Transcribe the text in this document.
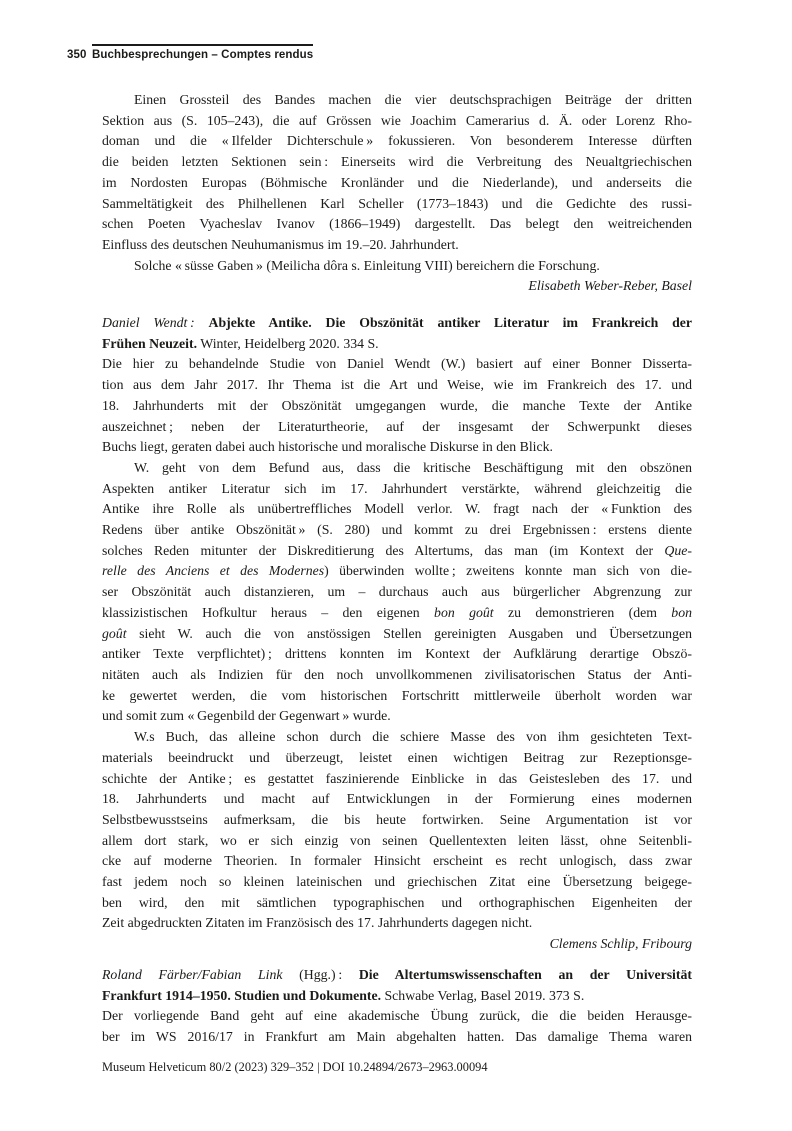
350 Buchbesprechungen – Comptes rendus
Einen Grossteil des Bandes machen die vier deutschsprachigen Beiträge der dritten
Sektion aus (S. 105–243), die auf Grössen wie Joachim Camerarius d. Ä. oder Lorenz Rho-
doman und die « Ilfelder Dichterschule » fokussieren. Von besonderem Interesse dürften
die beiden letzten Sektionen sein : Einerseits wird die Verbreitung des Neualtgriechischen
im Nordosten Europas (Böhmische Kronländer und die Niederlande), und anderseits die
Sammeltätigkeit des Philhellenen Karl Scheller (1773–1843) und die Gedichte des russi-
schen Poeten Vyacheslav Ivanov (1866–1949) dargestellt. Das belegt den weitreichenden
Einfluss des deutschen Neuhumanismus im 19.–20. Jahrhundert.
Solche « süsse Gaben » (Meilicha dôra s. Einleitung VIII) bereichern die Forschung.
Elisabeth Weber-Reber, Basel
Daniel Wendt : Abjekte Antike. Die Obszönität antiker Literatur im Frankreich der
Frühen Neuzeit. Winter, Heidelberg 2020. 334 S.
Die hier zu behandelnde Studie von Daniel Wendt (W.) basiert auf einer Bonner Disserta-
tion aus dem Jahr 2017. Ihr Thema ist die Art und Weise, wie im Frankreich des 17. und
18. Jahrhunderts mit der Obszönität umgegangen wurde, die manche Texte der Antike
auszeichnet ; neben der Literaturtheorie, auf der insgesamt der Schwerpunkt dieses
Buchs liegt, geraten dabei auch historische und moralische Diskurse in den Blick.
W. geht von dem Befund aus, dass die kritische Beschäftigung mit den obszönen
Aspekten antiker Literatur sich im 17. Jahrhundert verstärkte, während gleichzeitig die
Antike ihre Rolle als unübertreffliches Modell verlor. W. fragt nach der « Funktion des
Redens über antike Obszönität » (S. 280) und kommt zu drei Ergebnissen : erstens diente
solches Reden mitunter der Diskreditierung des Altertums, das man (im Kontext der Que-
relle des Anciens et des Modernes) überwinden wollte ; zweitens konnte man sich von die-
ser Obszönität auch distanzieren, um – durchaus auch aus bürgerlicher Abgrenzung zur
klassizistischen Hofkultur heraus – den eigenen bon goût zu demonstrieren (dem bon
goût sieht W. auch die von anstössigen Stellen gereinigten Ausgaben und Übersetzungen
antiker Texte verpflichtet) ; drittens konnten im Kontext der Aufklärung derartige Obszö-
nitäten auch als Indizien für den noch unvollkommenen zivilisatorischen Status der Anti-
ke gewertet werden, die vom historischen Fortschritt mittlerweile überholt worden war
und somit zum « Gegenbild der Gegenwart » wurde.
W.s Buch, das alleine schon durch die schiere Masse des von ihm gesichteten Text-
materials beeindruckt und überzeugt, leistet einen wichtigen Beitrag zur Rezeptionsge-
schichte der Antike ; es gestattet faszinierende Einblicke in das Geistesleben des 17. und
18. Jahrhunderts und macht auf Entwicklungen in der Formierung eines modernen
Selbstbewusstseins aufmerksam, die bis heute fortwirken. Seine Argumentation ist vor
allem dort stark, wo er sich einzig von seinen Quellentexten leiten lässt, ohne Seitenbli-
cke auf moderne Theorien. In formaler Hinsicht erscheint es recht unlogisch, dass zwar
fast jedem noch so kleinen lateinischen und griechischen Zitat eine Übersetzung beigege-
ben wird, den mit sämtlichen typographischen und orthographischen Eigenheiten der
Zeit abgedruckten Zitaten im Französisch des 17. Jahrhunderts dagegen nicht.
Clemens Schlip, Fribourg
Roland Färber/Fabian Link (Hgg.) : Die Altertumswissenschaften an der Universität
Frankfurt 1914–1950. Studien und Dokumente. Schwabe Verlag, Basel 2019. 373 S.
Der vorliegende Band geht auf eine akademische Übung zurück, die die beiden Herausge-
ber im WS 2016/17 in Frankfurt am Main abgehalten hatten. Das damalige Thema waren
Museum Helveticum 80/2 (2023) 329–352 | DOI 10.24894/2673–2963.00094
